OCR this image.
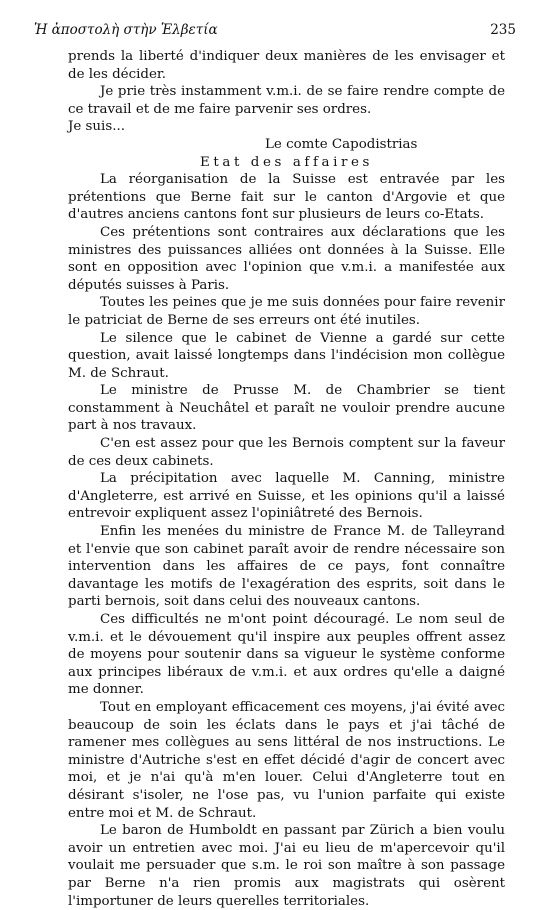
Ἡ ἀποστολὴ στὴν Ἑλβετία	235

prends la liberté d'indiquer deux manières de les envisager et de les décider.

Je prie très instamment v.m.i. de se faire rendre compte de ce travail et de me faire parvenir ses ordres.

Je suis...

Le comte Capodistrias

Etat des affaires

La réorganisation de la Suisse est entravée par les prétentions que Berne fait sur le canton d'Argovie et que d'autres anciens cantons font sur plusieurs de leurs co-Etats.

Ces prétentions sont contraires aux déclarations que les ministres des puissances alliées ont données à la Suisse. Elle sont en opposition avec l'opinion que v.m.i. a manifestée aux députés suisses à Paris.

Toutes les peines que je me suis données pour faire revenir le patriciat de Berne de ses erreurs ont été inutiles.

Le silence que le cabinet de Vienne a gardé sur cette question, avait laissé longtemps dans l'indécision mon collègue M. de Schraut.

Le ministre de Prusse M. de Chambrier se tient constamment à Neuchâtel et paraît ne vouloir prendre aucune part à nos travaux.

C'en est assez pour que les Bernois comptent sur la faveur de ces deux cabinets.

La précipitation avec laquelle M. Canning, ministre d'Angleterre, est arrivé en Suisse, et les opinions qu'il a laissé entrevoir expliquent assez l'opiniâtreté des Bernois.

Enfin les menées du ministre de France M. de Talleyrand et l'envie que son cabinet paraît avoir de rendre nécessaire son intervention dans les affaires de ce pays, font connaître davantage les motifs de l'exagération des esprits, soit dans le parti bernois, soit dans celui des nouveaux cantons.

Ces difficultés ne m'ont point découragé. Le nom seul de v.m.i. et le dévouement qu'il inspire aux peuples offrent assez de moyens pour soutenir dans sa vigueur le système conforme aux principes libéraux de v.m.i. et aux ordres qu'elle a daigné me donner.

Tout en employant efficacement ces moyens, j'ai évité avec beaucoup de soin les éclats dans le pays et j'ai tâché de ramener mes collègues au sens littéral de nos instructions. Le ministre d'Autriche s'est en effet décidé d'agir de concert avec moi, et je n'ai qu'à m'en louer. Celui d'Angleterre tout en désirant s'isoler, ne l'ose pas, vu l'union parfaite qui existe entre moi et M. de Schraut.

Le baron de Humboldt en passant par Zürich a bien voulu avoir un entretien avec moi. J'ai eu lieu de m'apercevoir qu'il voulait me persuader que s.m. le roi son maître à son passage par Berne n'a rien promis aux magistrats qui osèrent l'importuner de leurs querelles territoriales.
